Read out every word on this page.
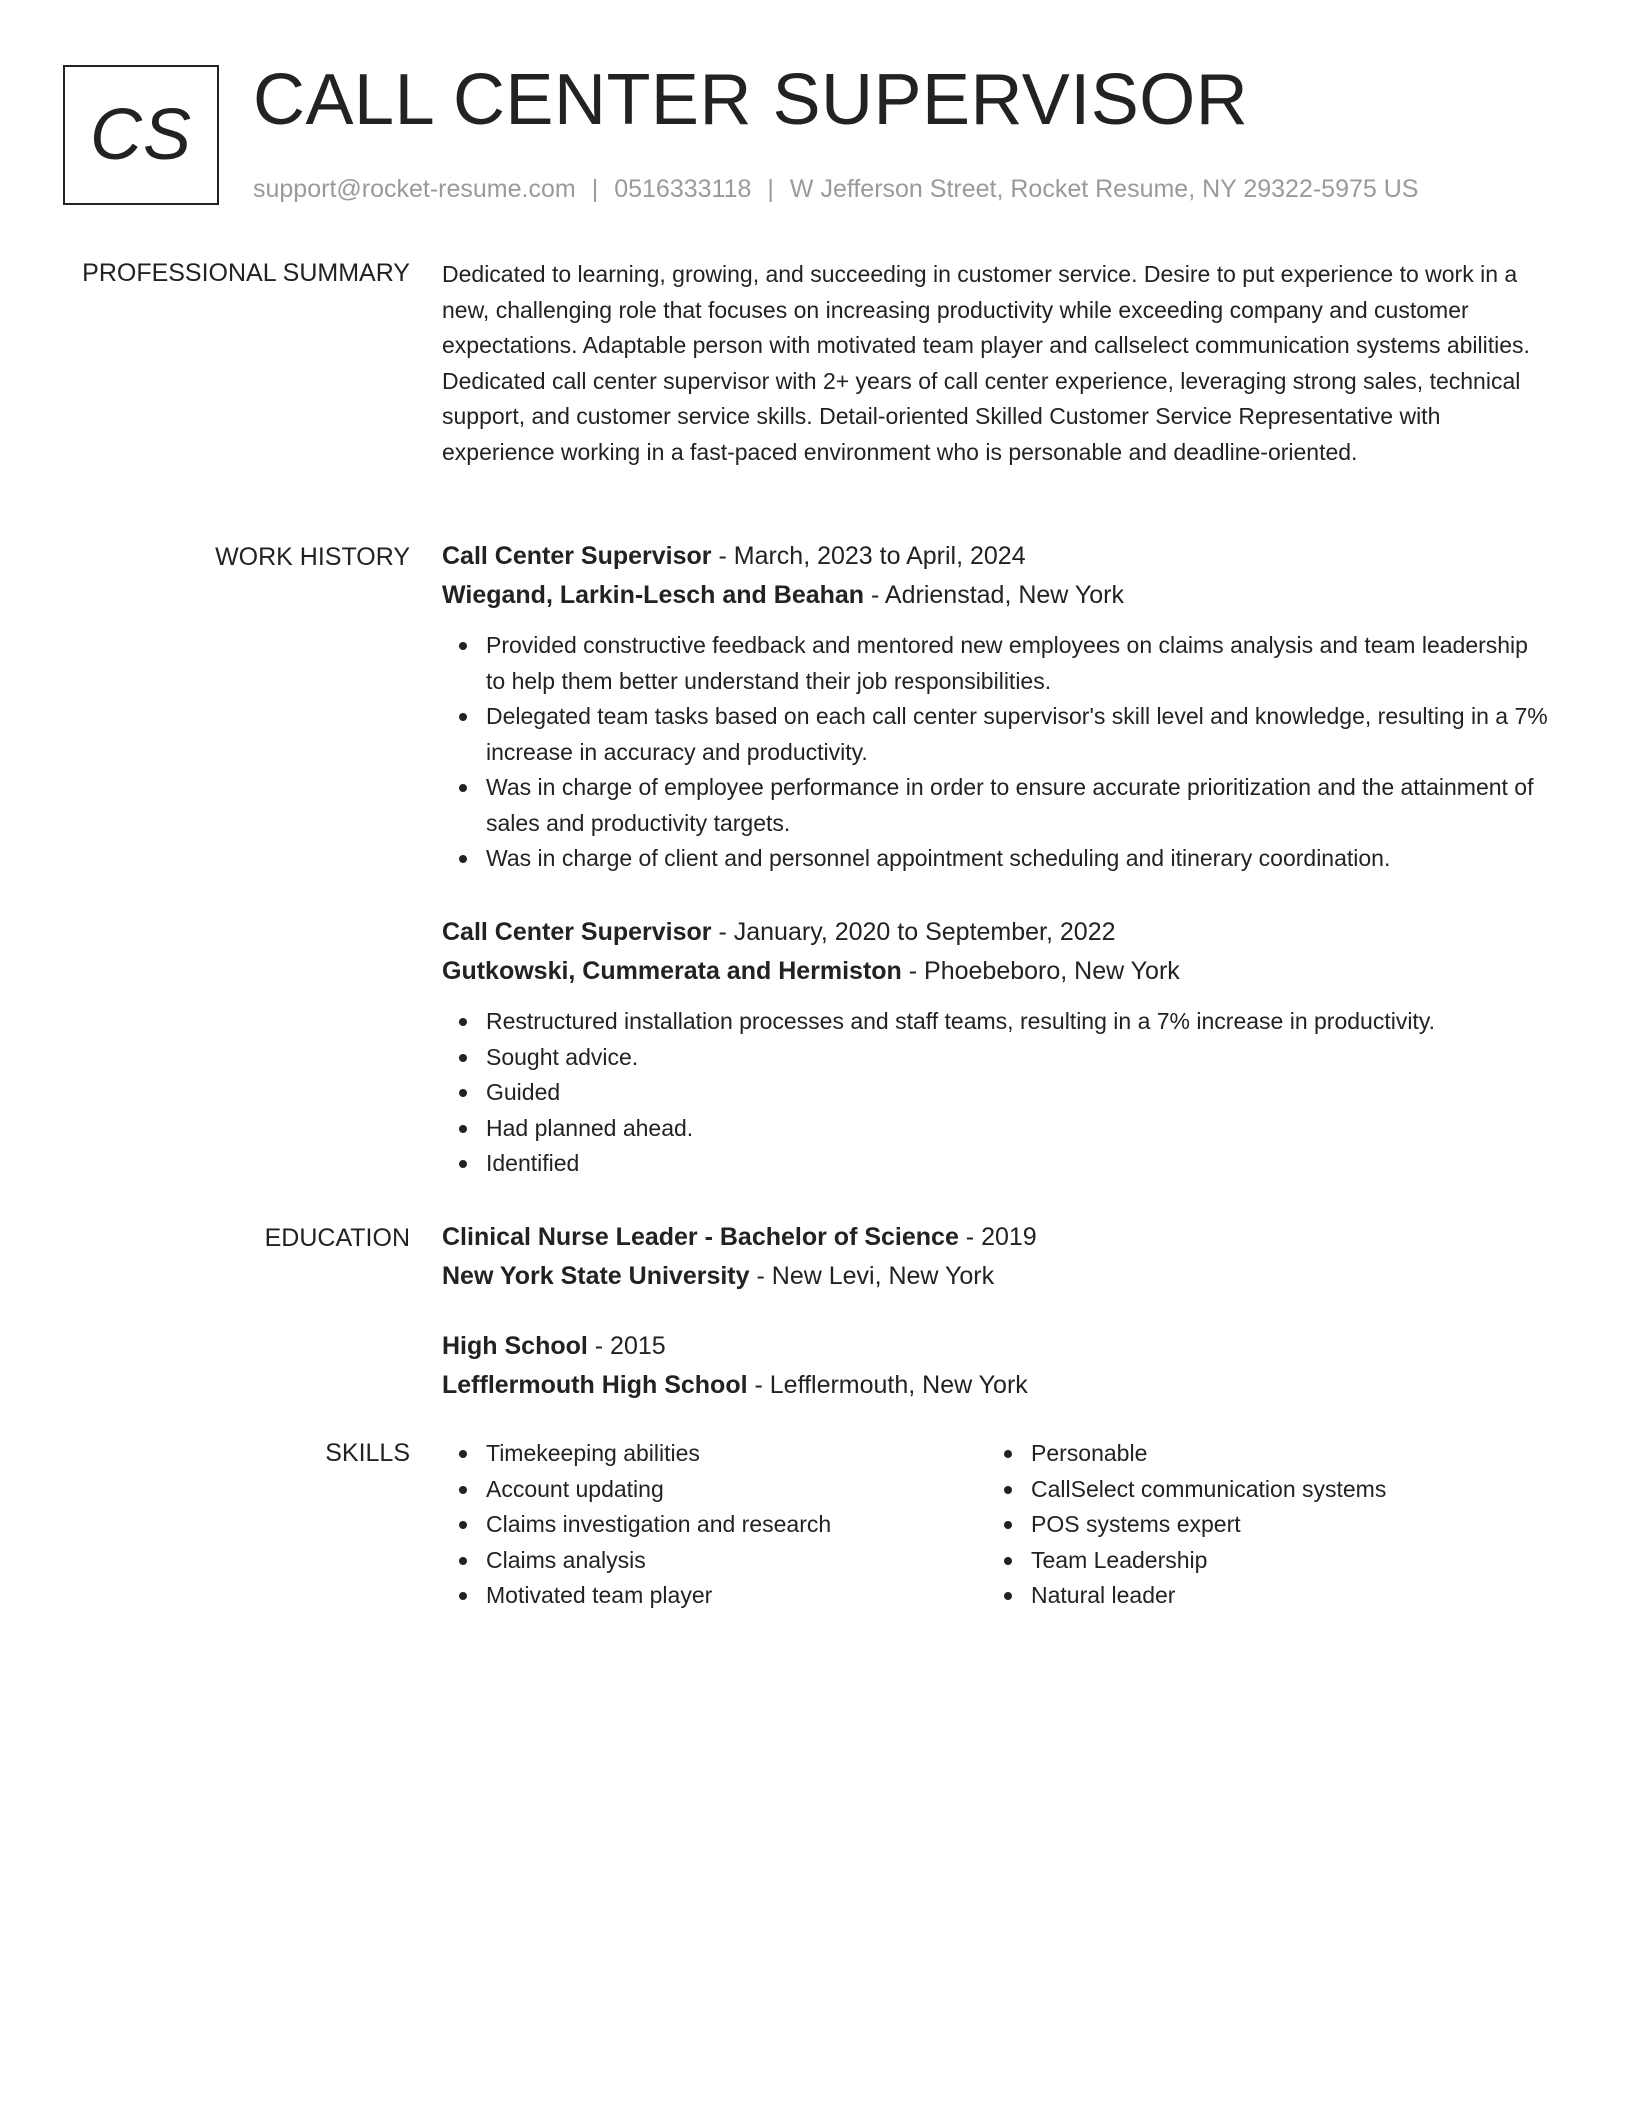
CS CALL CENTER SUPERVISOR
support@rocket-resume.com | 0516333118 | W Jefferson Street, Rocket Resume, NY 29322-5975 US
PROFESSIONAL SUMMARY Dedicated to learning, growing, and succeeding in customer service. Desire to put experience to work in a new, challenging role that focuses on increasing productivity while exceeding company and customer expectations. Adaptable person with motivated team player and callselect communication systems abilities. Dedicated call center supervisor with 2+ years of call center experience, leveraging strong sales, technical support, and customer service skills. Detail-oriented Skilled Customer Service Representative with experience working in a fast-paced environment who is personable and deadline-oriented.
WORK HISTORY Call Center Supervisor - March, 2023 to April, 2024
Wiegand, Larkin-Lesch and Beahan - Adrienstad, New York
Provided constructive feedback and mentored new employees on claims analysis and team leadership to help them better understand their job responsibilities.
Delegated team tasks based on each call center supervisor's skill level and knowledge, resulting in a 7% increase in accuracy and productivity.
Was in charge of employee performance in order to ensure accurate prioritization and the attainment of sales and productivity targets.
Was in charge of client and personnel appointment scheduling and itinerary coordination.
Call Center Supervisor - January, 2020 to September, 2022
Gutkowski, Cummerata and Hermiston - Phoebeboro, New York
Restructured installation processes and staff teams, resulting in a 7% increase in productivity.
Sought advice.
Guided
Had planned ahead.
Identified
EDUCATION Clinical Nurse Leader - Bachelor of Science - 2019
New York State University - New Levi, New York
High School - 2015
Lefflermouth High School - Lefflermouth, New York
SKILLS	Timekeeping abilities
Account updating
Claims investigation and research
Claims analysis
Motivated team player
Personable
CallSelect communication systems
POS systems expert
Team Leadership
Natural leader
